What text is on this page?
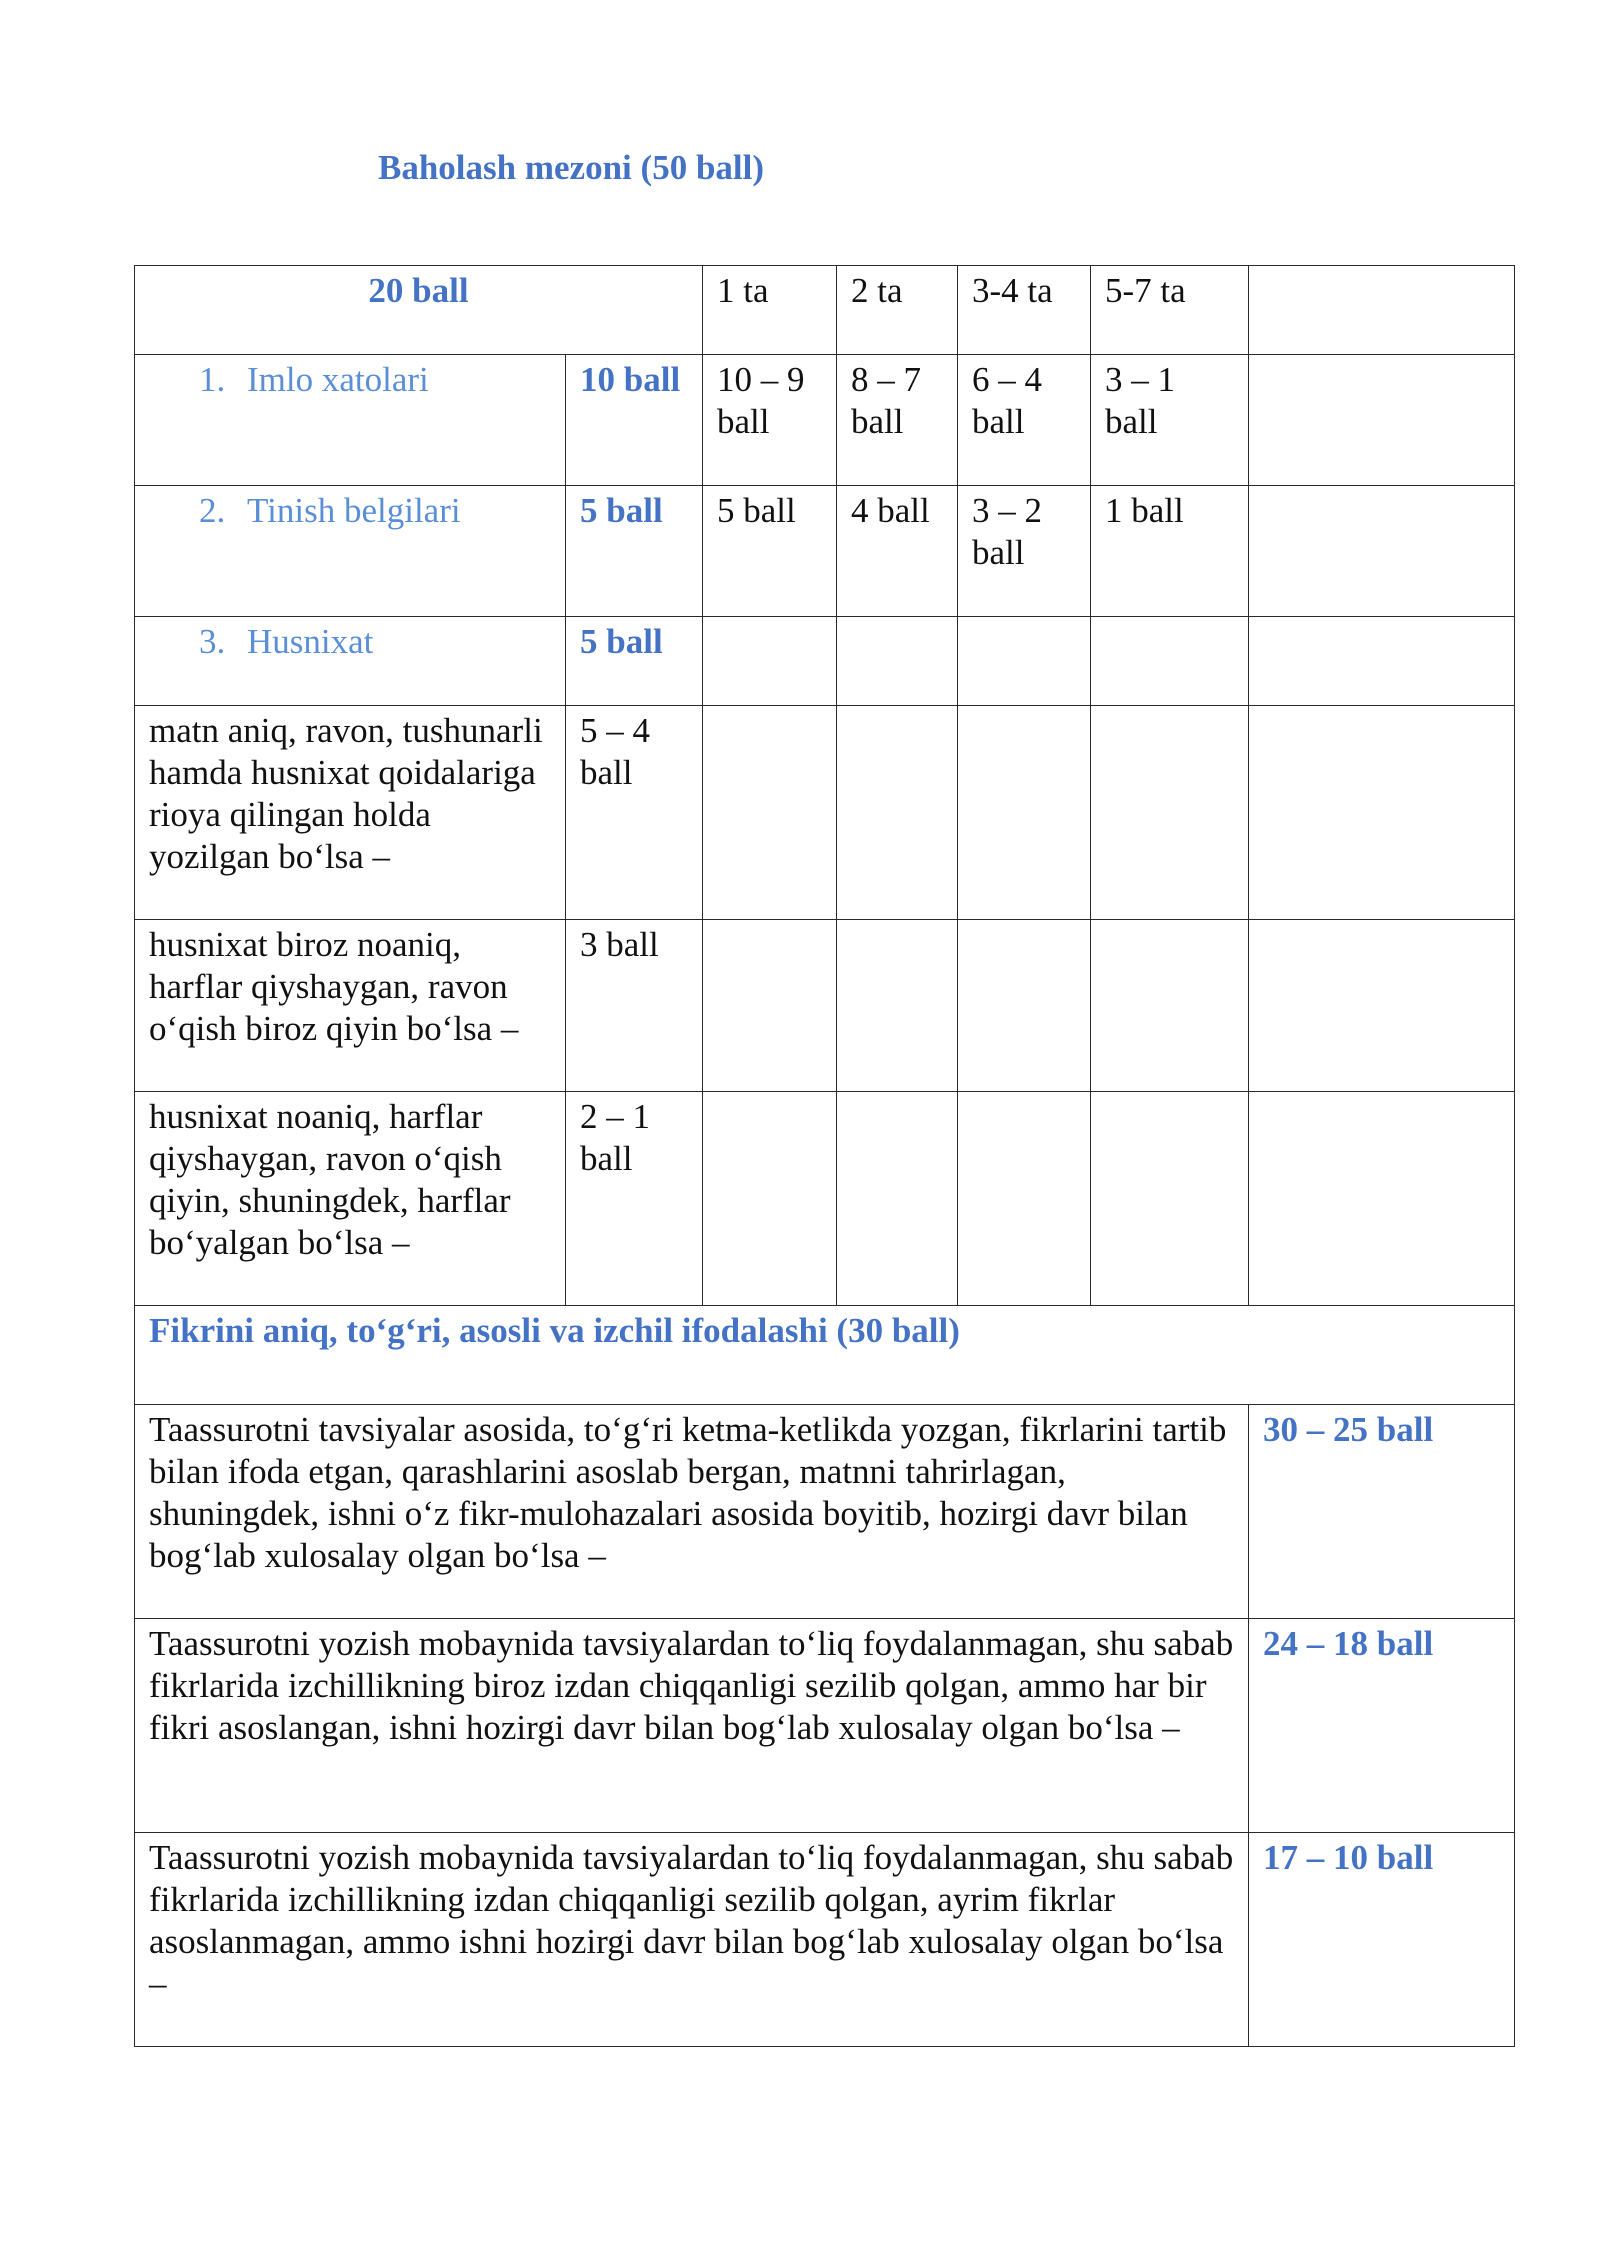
Baholash mezoni (50 ball)
20 ball		1 ta	2 ta	3-4 ta	5-7 ta	
1. Imlo xatolari	10 ball	10 – 9 ball	8 – 7 ball	6 – 4 ball	3 – 1 ball	
2. Tinish belgilari	5 ball	5 ball	4 ball	3 – 2 ball	1 ball	
3. Husnixat	5 ball					
matn aniq, ravon, tushunarli hamda husnixat qoidalariga rioya qilingan holda yozilgan bo‘lsa –	5 – 4 ball					
husnixat biroz noaniq, harflar qiyshaygan, ravon o‘qish biroz qiyin bo‘lsa –	3 ball					
husnixat noaniq, harflar qiyshaygan, ravon o‘qish qiyin, shuningdek, harflar bo‘yalgan bo‘lsa –	2 – 1 ball					
Fikrini aniq, to‘g‘ri, asosli va izchil ifodalashi (30 ball)						
Taassurotni tavsiyalar asosida, to‘g‘ri ketma-ketlikda yozgan, fikrlarini tartib bilan ifoda etgan, qarashlarini asoslab bergan, matnni tahrirlagan, shuningdek, ishni o‘z fikr-mulohazalari asosida boyitib, hozirgi davr bilan bog‘lab xulosalay olgan bo‘lsa –						30 – 25 ball
Taassurotni yozish mobaynida tavsiyalardan to‘liq foydalanmagan, shu sabab fikrlarida izchillikning biroz izdan chiqqanligi sezilib qolgan, ammo har bir fikri asoslangan, ishni hozirgi davr bilan bog‘lab xulosalay olgan bo‘lsa –						24 – 18 ball
Taassurotni yozish mobaynida tavsiyalardan to‘liq foydalanmagan, shu sabab fikrlarida izchillikning izdan chiqqanligi sezilib qolgan, ayrim fikrlar asoslanmagan, ammo ishni hozirgi davr bilan bog‘lab xulosalay olgan bo‘lsa –						17 – 10 ball
